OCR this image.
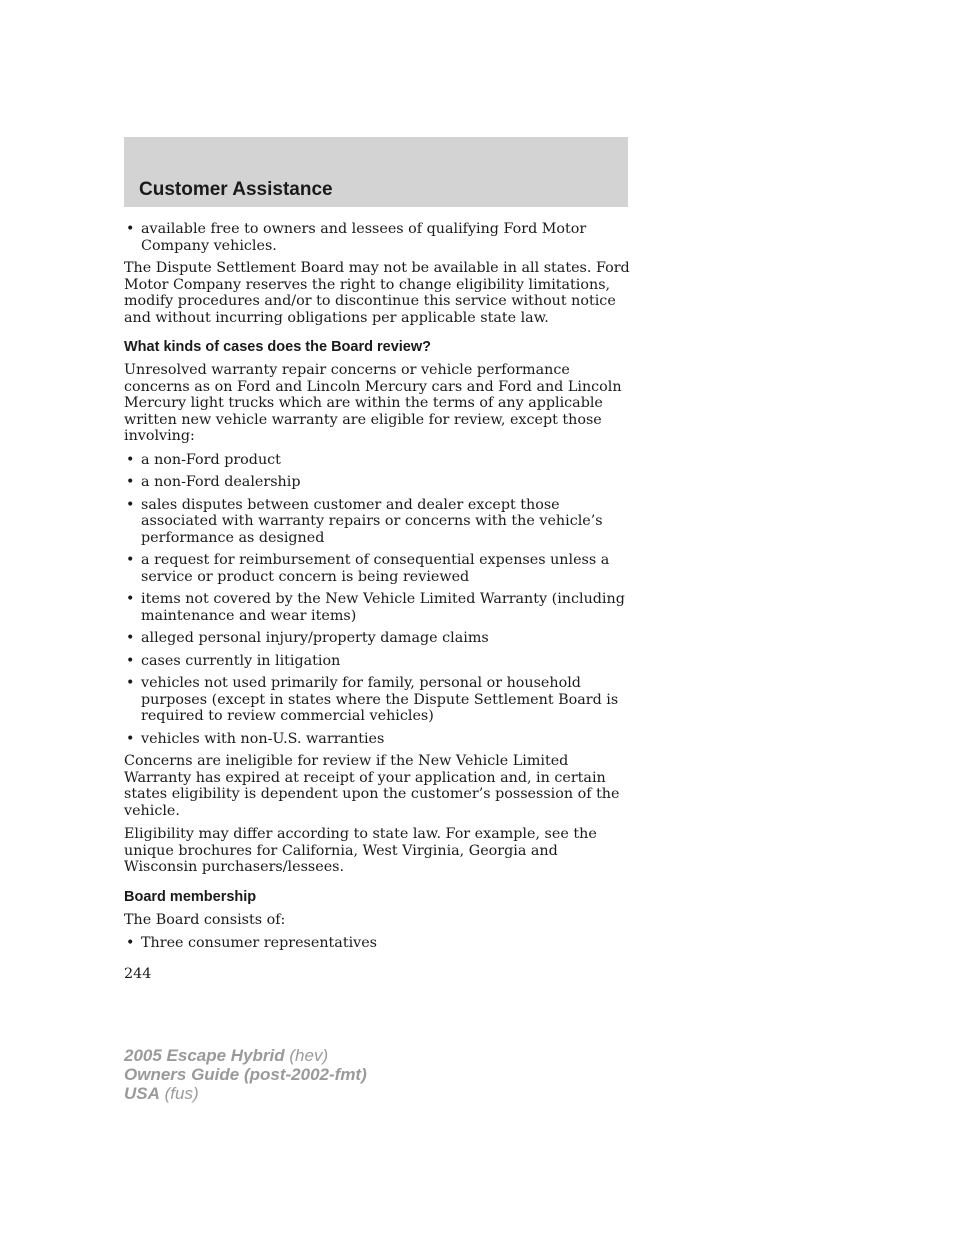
Customer Assistance
• available free to owners and lessees of qualifying Ford Motor Company vehicles.

The Dispute Settlement Board may not be available in all states. Ford Motor Company reserves the right to change eligibility limitations, modify procedures and/or to discontinue this service without notice and without incurring obligations per applicable state law.

What kinds of cases does the Board review?

Unresolved warranty repair concerns or vehicle performance concerns as on Ford and Lincoln Mercury cars and Ford and Lincoln Mercury light trucks which are within the terms of any applicable written new vehicle warranty are eligible for review, except those involving:

• a non-Ford product
• a non-Ford dealership
• sales disputes between customer and dealer except those associated with warranty repairs or concerns with the vehicle’s performance as designed
• a request for reimbursement of consequential expenses unless a service or product concern is being reviewed
• items not covered by the New Vehicle Limited Warranty (including maintenance and wear items)
• alleged personal injury/property damage claims
• cases currently in litigation
• vehicles not used primarily for family, personal or household purposes (except in states where the Dispute Settlement Board is required to review commercial vehicles)
• vehicles with non-U.S. warranties

Concerns are ineligible for review if the New Vehicle Limited Warranty has expired at receipt of your application and, in certain states eligibility is dependent upon the customer’s possession of the vehicle.

Eligibility may differ according to state law. For example, see the unique brochures for California, West Virginia, Georgia and Wisconsin purchasers/lessees.

Board membership

The Board consists of:

• Three consumer representatives
244
2005 Escape Hybrid (hev)
Owners Guide (post-2002-fmt)
USA (fus)
